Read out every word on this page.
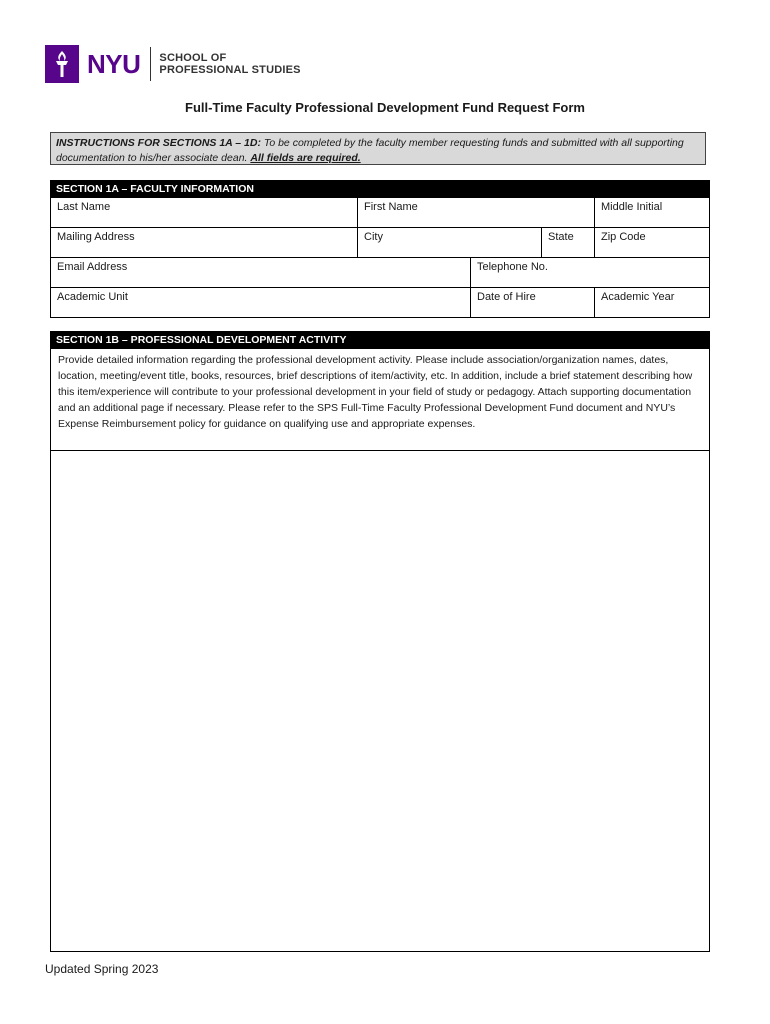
NYU SCHOOL OF
PROFESSIONAL STUDIES
Full-Time Faculty Professional Development Fund Request Form
INSTRUCTIONS FOR SECTIONS 1A – 1D: To be completed by the faculty member requesting funds and submitted with all supporting documentation to his/her associate dean. All fields are required.
SECTION 1A – FACULTY INFORMATION
Last Name	First Name	Middle Initial
Mailing Address	City	State	Zip Code
Email Address	Telephone No.
Academic Unit	Date of Hire	Academic Year
SECTION 1B – PROFESSIONAL DEVELOPMENT ACTIVITY
Provide detailed information regarding the professional development activity. Please include association/organization names, dates, location, meeting/event title, books, resources, brief descriptions of item/activity, etc. In addition, include a brief statement describing how this item/experience will contribute to your professional development in your field of study or pedagogy. Attach supporting documentation and an additional page if necessary. Please refer to the SPS Full-Time Faculty Professional Development Fund document and NYU’s Expense Reimbursement policy for guidance on qualifying use and appropriate expenses.
Updated Spring 2023
